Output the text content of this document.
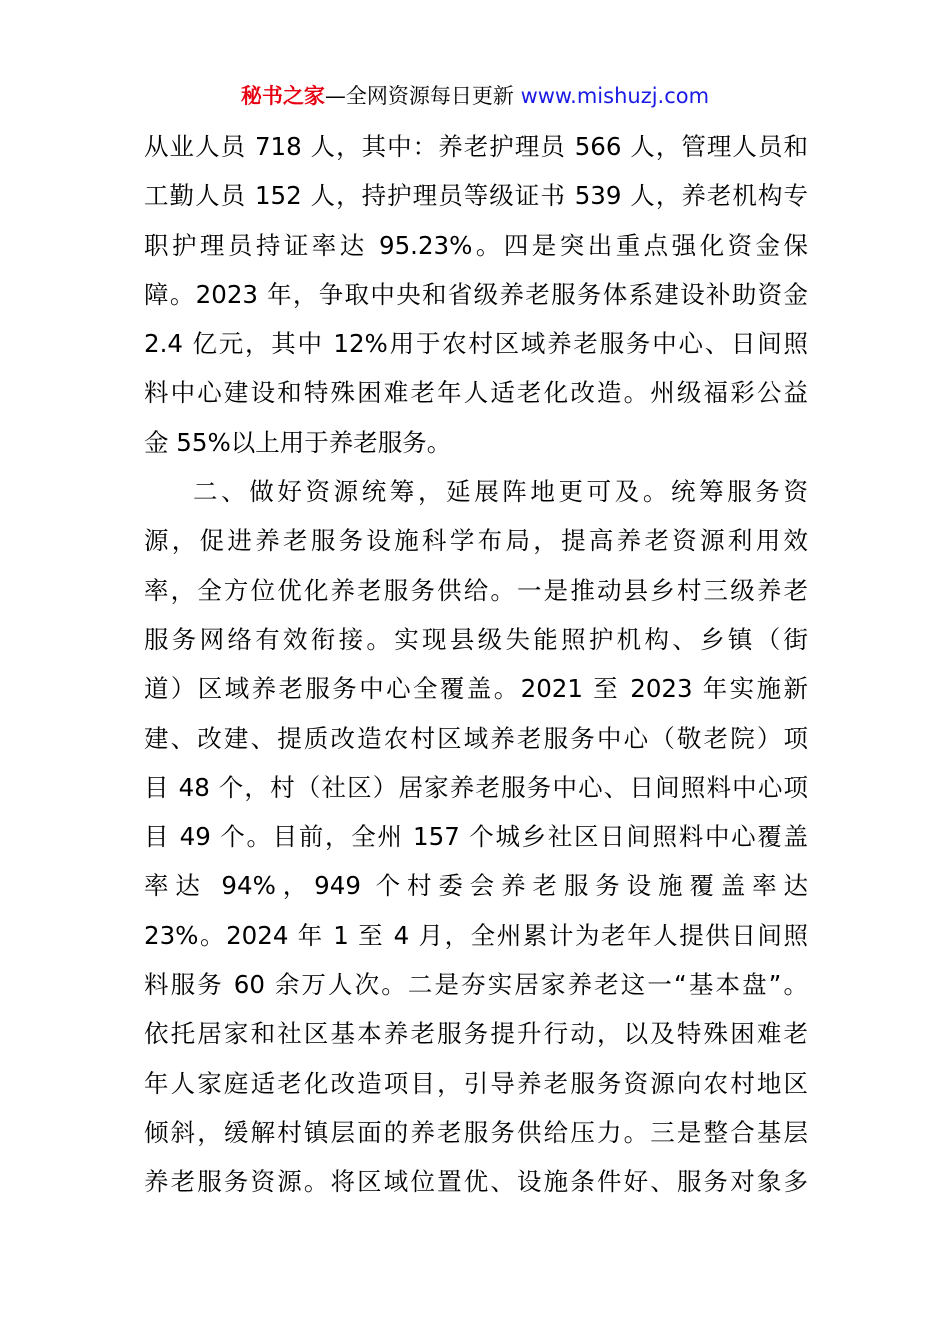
秘书之家—全网资源每日更新 www.mishuzj.com
从业人员 718 人，其中：养老护理员 566 人，管理人员和
工勤人员 152 人，持护理员等级证书 539 人，养老机构专
职护理员持证率达 95.23%。四是突出重点强化资金保
障。2023 年，争取中央和省级养老服务体系建设补助资金
2.4 亿元，其中 12%用于农村区域养老服务中心、日间照
料中心建设和特殊困难老年人适老化改造。州级福彩公益
金 55%以上用于养老服务。
二、做好资源统筹，延展阵地更可及。统筹服务资
源，促进养老服务设施科学布局，提高养老资源利用效
率，全方位优化养老服务供给。一是推动县乡村三级养老
服务网络有效衔接。实现县级失能照护机构、乡镇（街
道）区域养老服务中心全覆盖。2021 至 2023 年实施新
建、改建、提质改造农村区域养老服务中心（敬老院）项
目 48 个，村（社区）居家养老服务中心、日间照料中心项
目 49 个。目前，全州 157 个城乡社区日间照料中心覆盖
率达 94%，949 个村委会养老服务设施覆盖率达
23%。2024 年 1 至 4 月，全州累计为老年人提供日间照
料服务 60 余万人次。二是夯实居家养老这一“基本盘”。
依托居家和社区基本养老服务提升行动，以及特殊困难老
年人家庭适老化改造项目，引导养老服务资源向农村地区
倾斜，缓解村镇层面的养老服务供给压力。三是整合基层
养老服务资源。将区域位置优、设施条件好、服务对象多
